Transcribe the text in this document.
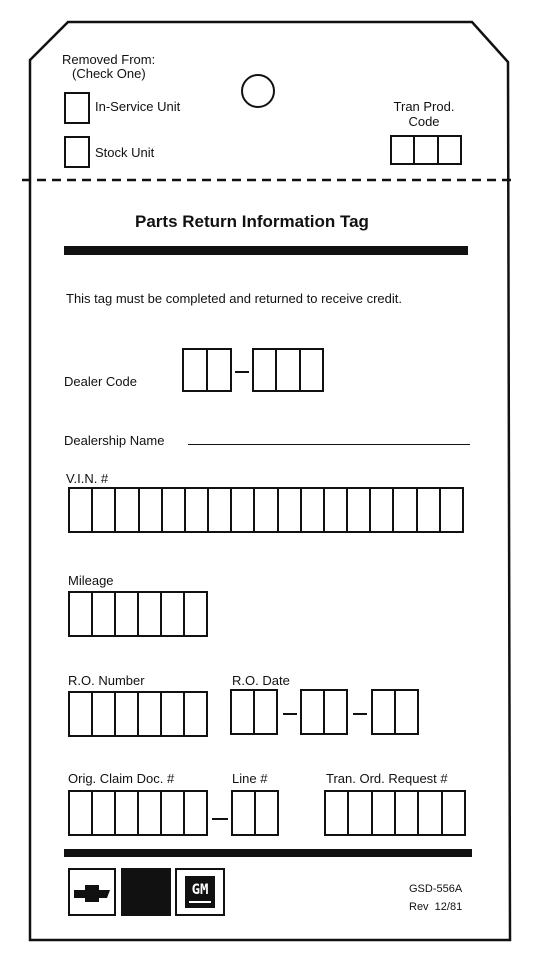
Removed From:
(Check One)
In-Service Unit
Stock Unit
Tran Prod.
Code
Parts Return Information Tag
This tag must be completed and returned to receive credit.
Dealer Code
Dealership Name
V.I.N. #
Mileage
R.O. Number	R.O. Date
Orig. Claim Doc. #	Line #	Tran. Ord. Request #
GM	GSD-556A
Rev  12/81
